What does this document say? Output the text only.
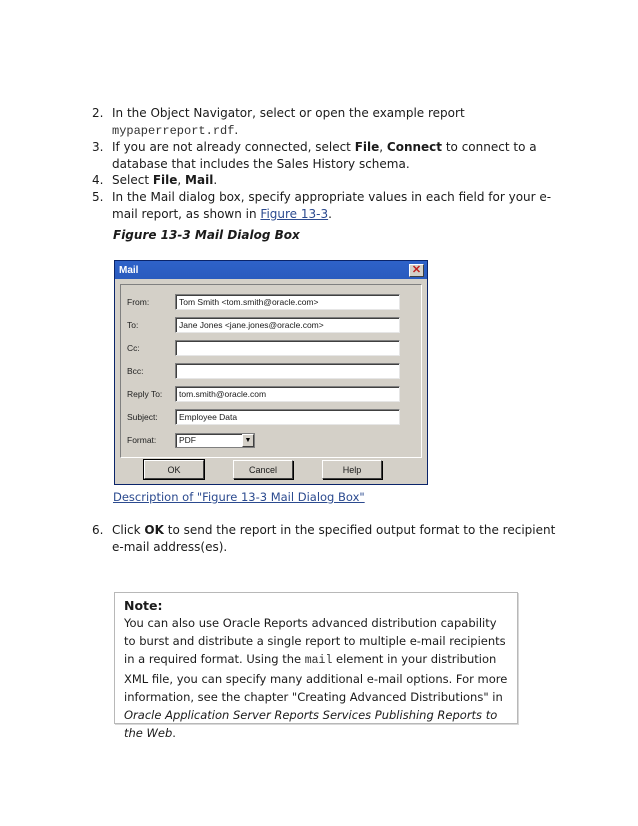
2. In the Object Navigator, select or open the example report
mypaperreport.rdf.
3. If you are not already connected, select File, Connect to connect to a database that includes the Sales History schema.
4. Select File, Mail.
5. In the Mail dialog box, specify appropriate values in each field for your e-mail report, as shown in Figure 13-3.
Figure 13-3 Mail Dialog Box
Mail	✕
From:	Tom Smith <tom.smith@oracle.com>
To:	Jane Jones <jane.jones@oracle.com>
Cc:
Bcc:
Reply To:	tom.smith@oracle.com
Subject:	Employee Data
Format:	PDF	▼
OK	Cancel	Help
Description of "Figure 13-3 Mail Dialog Box"
6. Click OK to send the report in the specified output format to the recipient e-mail address(es).
Note:
You can also use Oracle Reports advanced distribution capability to burst and distribute a single report to multiple e-mail recipients in a required format. Using the mail element in your distribution XML file, you can specify many additional e-mail options. For more information, see the chapter "Creating Advanced Distributions" in Oracle Application Server Reports Services Publishing Reports to the Web.
